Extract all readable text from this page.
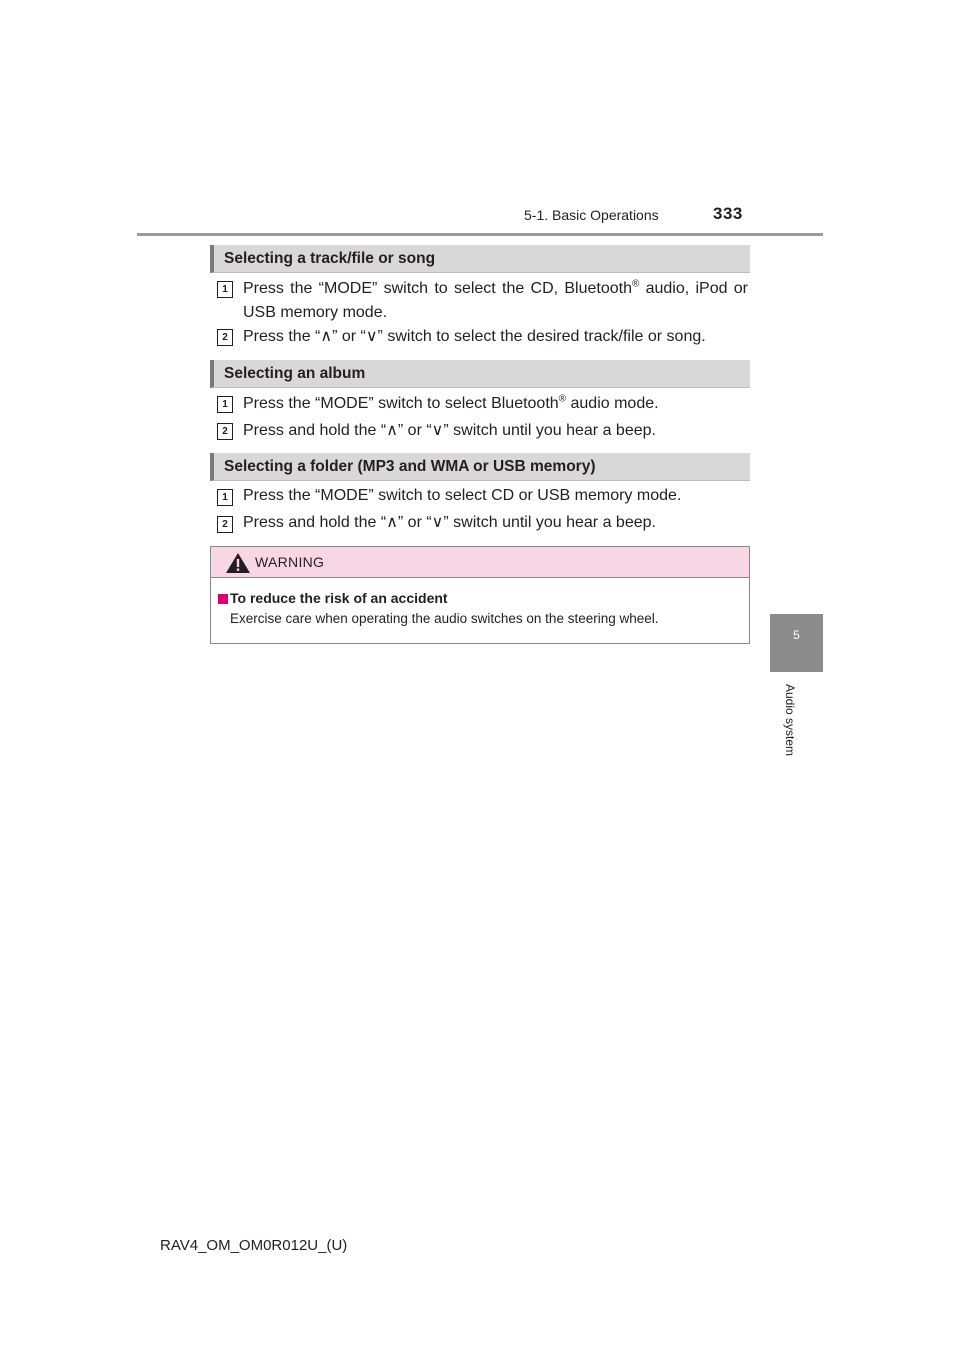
5-1. Basic Operations	333
5
Audio system
Selecting a track/file or song
1 Press the “MODE” switch to select the CD, Bluetooth® audio, iPod or USB memory mode.
2 Press the “∧” or “∨” switch to select the desired track/file or song.
Selecting an album
1 Press the “MODE” switch to select Bluetooth® audio mode.
2 Press and hold the “∧” or “∨” switch until you hear a beep.
Selecting a folder (MP3 and WMA or USB memory)
1 Press the “MODE” switch to select CD or USB memory mode.
2 Press and hold the “∧” or “∨” switch until you hear a beep.
WARNING
To reduce the risk of an accident
Exercise care when operating the audio switches on the steering wheel.
RAV4_OM_OM0R012U_(U)
